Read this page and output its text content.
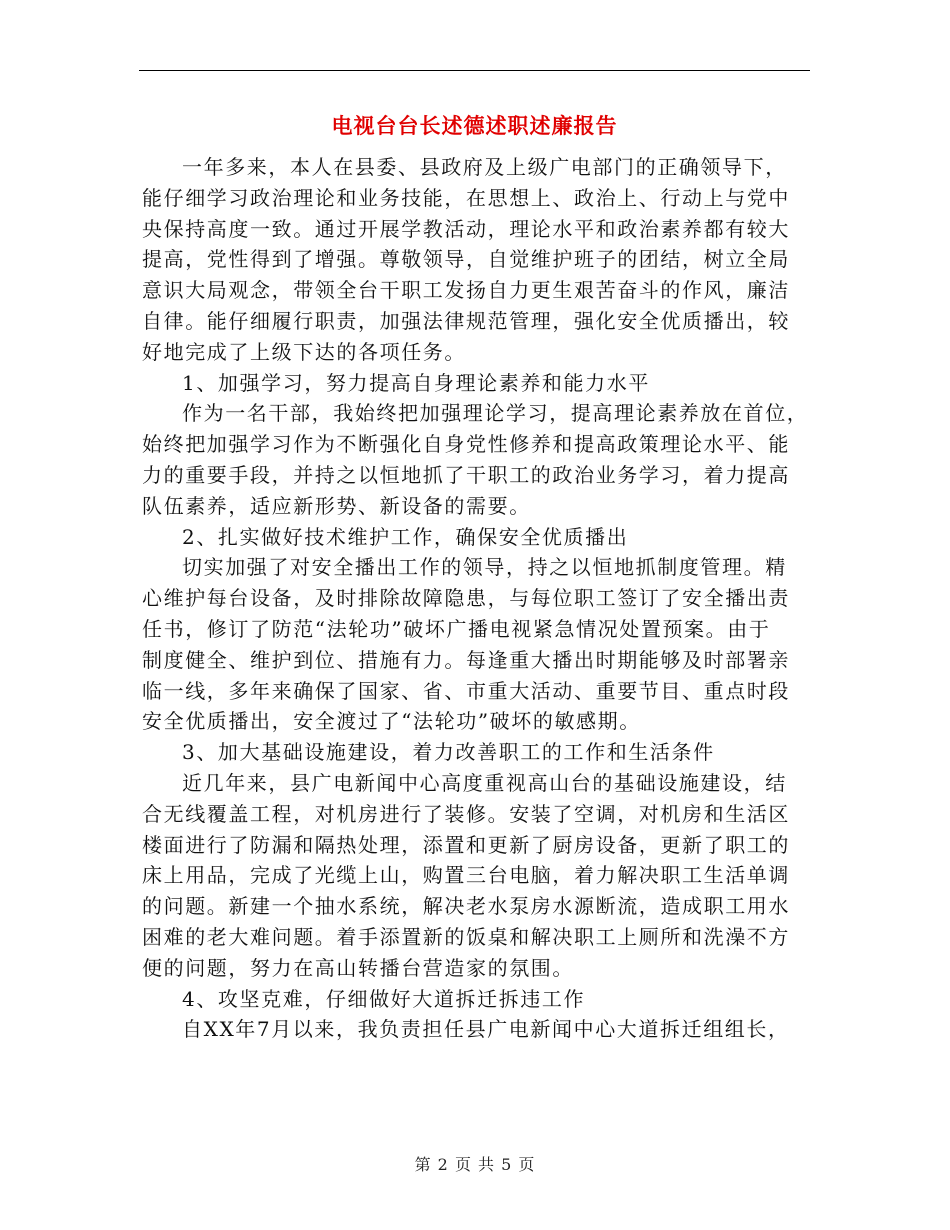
电视台台长述德述职述廉报告

一年多来，本人在县委、县政府及上级广电部门的正确领导下，
能仔细学习政治理论和业务技能，在思想上、政治上、行动上与党中
央保持高度一致。通过开展学教活动，理论水平和政治素养都有较大
提高，党性得到了增强。尊敬领导，自觉维护班子的团结，树立全局
意识大局观念，带领全台干职工发扬自力更生艰苦奋斗的作风，廉洁
自律。能仔细履行职责，加强法律规范管理，强化安全优质播出，较
好地完成了上级下达的各项任务。

1、加强学习，努力提高自身理论素养和能力水平

作为一名干部，我始终把加强理论学习，提高理论素养放在首位，
始终把加强学习作为不断强化自身党性修养和提高政策理论水平、能
力的重要手段，并持之以恒地抓了干职工的政治业务学习，着力提高
队伍素养，适应新形势、新设备的需要。

2、扎实做好技术维护工作，确保安全优质播出

切实加强了对安全播出工作的领导，持之以恒地抓制度管理。精
心维护每台设备，及时排除故障隐患，与每位职工签订了安全播出责
任书，修订了防范“法轮功”破坏广播电视紧急情况处置预案。由于
制度健全、维护到位、措施有力。每逢重大播出时期能够及时部署亲
临一线，多年来确保了国家、省、市重大活动、重要节目、重点时段
安全优质播出，安全渡过了“法轮功”破坏的敏感期。

3、加大基础设施建设，着力改善职工的工作和生活条件

近几年来，县广电新闻中心高度重视高山台的基础设施建设，结
合无线覆盖工程，对机房进行了装修。安装了空调，对机房和生活区
楼面进行了防漏和隔热处理，添置和更新了厨房设备，更新了职工的
床上用品，完成了光缆上山，购置三台电脑，着力解决职工生活单调
的问题。新建一个抽水系统，解决老水泵房水源断流，造成职工用水
困难的老大难问题。着手添置新的饭桌和解决职工上厕所和洗澡不方
便的问题，努力在高山转播台营造家的氛围。

4、攻坚克难，仔细做好大道拆迁拆违工作

自XX年7月以来，我负责担任县广电新闻中心大道拆迁组组长，

第 2 页 共 5 页
